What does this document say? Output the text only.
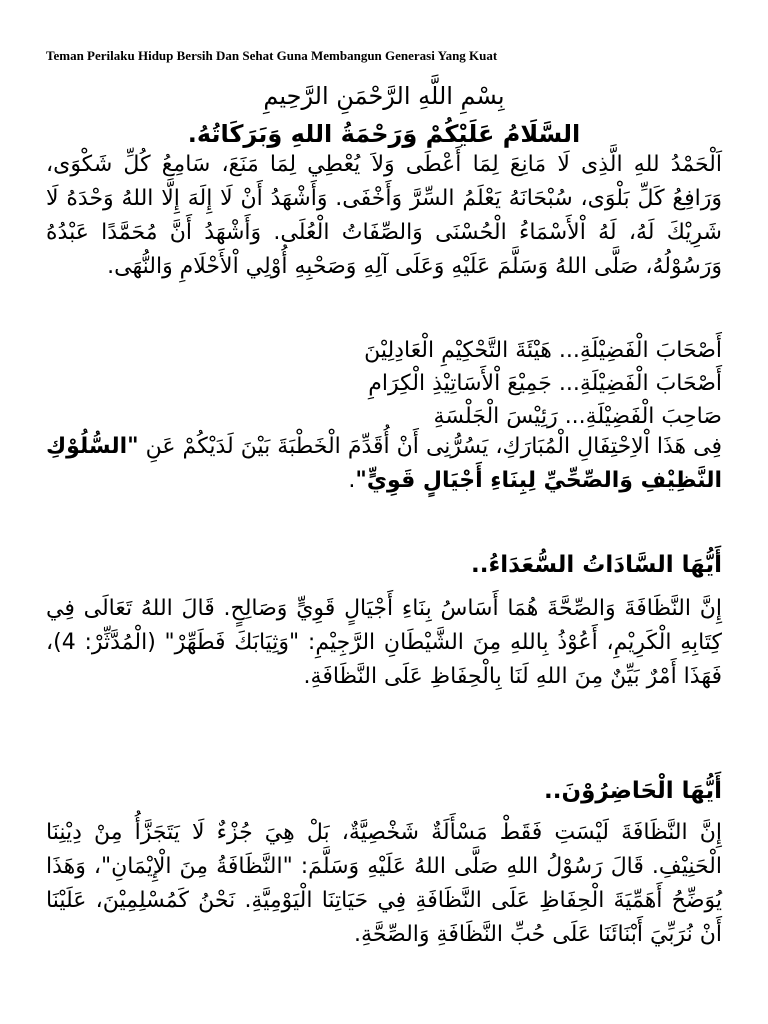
Teman Perilaku Hidup Bersih Dan Sehat Guna Membangun Generasi Yang Kuat
بِسْمِ اللَّهِ الرَّحْمَنِ الرَّحِيمِ
السَّلَامُ عَلَيْكُمْ وَرَحْمَةُ اللهِ وَبَرَكَاتُهُ.
اَلْحَمْدُ للهِ الَّذِى لَا مَانِعَ لِمَا أَعْطَى وَلاَ يُعْطِي لِمَا مَنَعَ، سَامِعُ كُلِّ شَكْوَى، وَرَافِعُ كَلِّ بَلْوَى، سُبْحَانَهُ يَعْلَمُ السِّرَّ وَأَخْفَى. وَأَشْهَدُ أَنْ لَا إِلَهَ إِلَّا اللهُ وَحْدَهُ لَا شَرِيْكَ لَهُ، لَهُ اْلأَسْمَاءُ الْحُسْنَى وَالصِّفَاتُ الْعُلَى. وَأَشْهَدُ أَنَّ مُحَمَّدًا عَبْدُهُ وَرَسُوْلُهُ، صَلَّى اللهُ وَسَلَّمَ عَلَيْهِ وَعَلَى آلِهِ وَصَحْبِهِ أُوْلِي اْلأَحْلَامِ وَالنُّهَى.
أَصْحَابَ الْفَضِيْلَةِ... هَيْئَةَ التَّحْكِيْمِ الْعَادِلِيْنَ
أَصْحَابَ الْفَضِيْلَةِ... جَمِيْعَ اْلأَسَاتِيْذِ الْكِرَامِ
صَاحِبَ الْفَضِيْلَةِ... رَئِيْسَ الْجَلْسَةِ
فِى هَذَا اْلاِحْتِفَالِ الْمُبَارَكِ، يَسُرُّنِى أَنْ أُقَدِّمَ الْخَطْبَةَ بَيْنَ لَدَيْكُمْ عَنِ "السُّلُوْكِ النَّظِيْفِ وَالصِّحِّيِّ لِبِنَاءِ أَجْيَالٍ قَوِيٍّ".
أَيُّهَا السَّادَاتُ السُّعَدَاءُ..
إِنَّ النَّظَافَةَ وَالصِّحَّةَ هُمَا أَسَاسُ بِنَاءِ أَجْيَالٍ قَوِيٍّ وَصَالِحٍ. قَالَ اللهُ تَعَالَى فِي كِتَابِهِ الْكَرِيْمِ، أَعُوْذُ بِاللهِ مِنَ الشَّيْطَانِ الرَّجِيْمِ: "وَثِيَابَكَ فَطَهِّرْ" (الْمُدَّثِّرْ: 4)، فَهَذَا أَمْرٌ بَيِّنٌ مِنَ اللهِ لَنَا بِالْحِفَاظِ عَلَى النَّظَافَةِ.
أَيُّهَا الْحَاضِرُوْنَ..
إِنَّ النَّظَافَةَ لَيْسَتِ فَقَطْ مَسْأَلَةٌ شَخْصِيَّةٌ، بَلْ هِيَ جُزْءٌ لَا يَتَجَزَّأُ مِنْ دِيْنِنَا الْحَنِيْفِ. قَالَ رَسُوْلُ اللهِ صَلَّى اللهُ عَلَيْهِ وَسَلَّمَ: "النَّظَافَةُ مِنَ الْإِيْمَانِ"، وَهَذَا يُوَضِّحُ أَهَمِّيَةَ الْحِفَاظِ عَلَى النَّظَافَةِ فِي حَيَاتِنَا الْيَوْمِيَّةِ. نَحْنُ كَمُسْلِمِيْنَ، عَلَيْنَا أَنْ نُرَبِّيَ أَبْنَائَنَا عَلَى حُبِّ النَّظَافَةِ وَالصِّحَّةِ.
